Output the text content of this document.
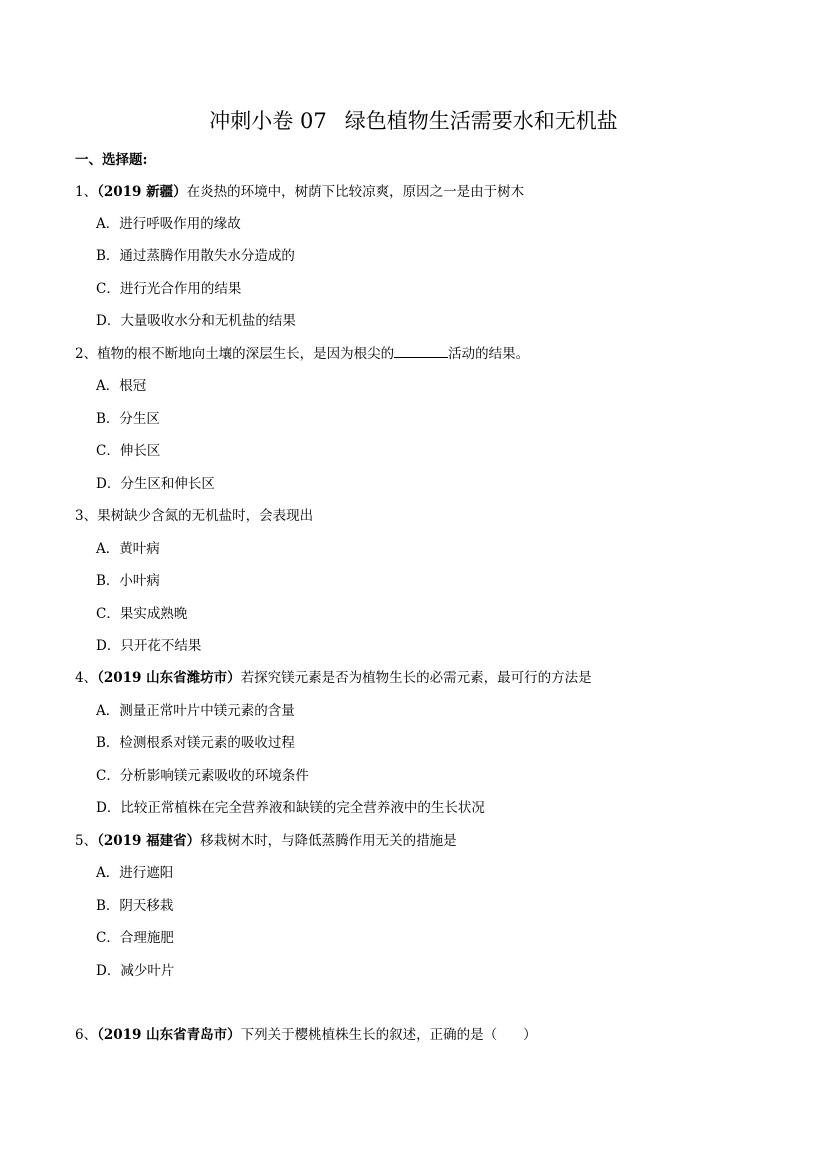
冲刺小卷 07 绿色植物生活需要水和无机盐
一、选择题:
1、（2019 新疆）在炎热的环境中，树荫下比较凉爽，原因之一是由于树木
A．进行呼吸作用的缘故
B．通过蒸腾作用散失水分造成的
C．进行光合作用的结果
D．大量吸收水分和无机盐的结果
2、植物的根不断地向土壤的深层生长，是因为根尖的	活动的结果。
A．根冠
B．分生区
C．伸长区
D．分生区和伸长区
3、果树缺少含氮的无机盐时，会表现出
A．黄叶病
B．小叶病
C．果实成熟晚
D．只开花不结果
4、（2019 山东省潍坊市）若探究镁元素是否为植物生长的必需元素，最可行的方法是
A．测量正常叶片中镁元素的含量
B．检测根系对镁元素的吸收过程
C．分析影响镁元素吸收的环境条件
D．比较正常植株在完全营养液和缺镁的完全营养液中的生长状况
5、（2019 福建省）移栽树木时，与降低蒸腾作用无关的措施是
A．进行遮阳
B．阴天移栽
C．合理施肥
D．减少叶片
6、（2019 山东省青岛市）下列关于樱桃植株生长的叙述，正确的是（ ）
